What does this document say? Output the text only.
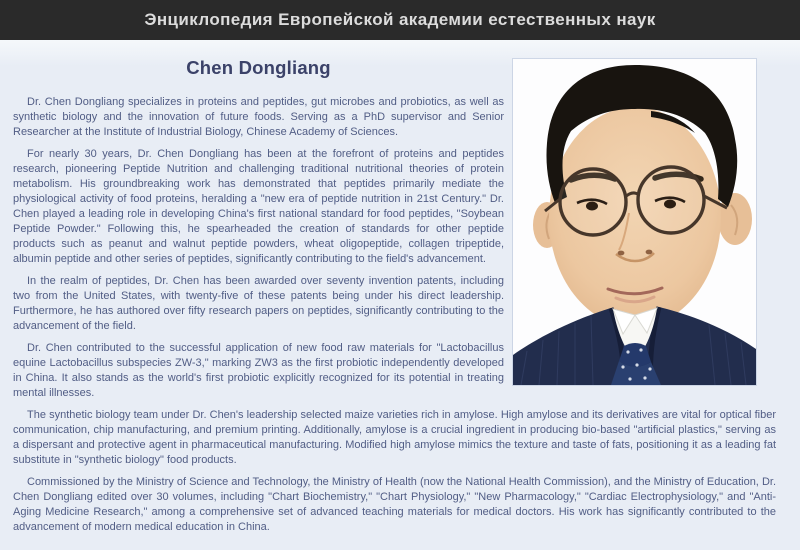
Энциклопедия Европейской академии естественных наук
Chen Dongliang

Dr. Chen Dongliang specializes in proteins and peptides, gut microbes and probiotics, as well as synthetic biology and the innovation of future foods. Serving as a PhD supervisor and Senior Researcher at the Institute of Industrial Biology, Chinese Academy of Sciences.

For nearly 30 years, Dr. Chen Dongliang has been at the forefront of proteins and peptides research, pioneering Peptide Nutrition and challenging traditional nutritional theories of protein metabolism. His groundbreaking work has demonstrated that peptides primarily mediate the physiological activity of food proteins, heralding a "new era of peptide nutrition in 21st Century." Dr. Chen played a leading role in developing China's first national standard for food peptides, "Soybean Peptide Powder." Following this, he spearheaded the creation of standards for other peptide products such as peanut and walnut peptide powders, wheat oligopeptide, collagen tripeptide, albumin peptide and other series of peptides, significantly contributing to the field's advancement.

In the realm of peptides, Dr. Chen has been awarded over seventy invention patents, including two from the United States, with twenty-five of these patents being under his direct leadership. Furthermore, he has authored over fifty research papers on peptides, significantly contributing to the advancement of the field.

Dr. Chen contributed to the successful application of new food raw materials for "Lactobacillus equine Lactobacillus subspecies ZW-3," marking ZW3 as the first probiotic independently developed in China. It also stands as the world's first probiotic explicitly recognized for its potential in treating mental illnesses.

The synthetic biology team under Dr. Chen's leadership selected maize varieties rich in amylose. High amylose and its derivatives are vital for optical fiber communication, chip manufacturing, and premium printing. Additionally, amylose is a crucial ingredient in producing bio-based "artificial plastics," serving as a dispersant and protective agent in pharmaceutical manufacturing. Modified high amylose mimics the texture and taste of fats, positioning it as a leading fat substitute in "synthetic biology" food products.

Commissioned by the Ministry of Science and Technology, the Ministry of Health (now the National Health Commission), and the Ministry of Education, Dr. Chen Dongliang edited over 30 volumes, including "Chart Biochemistry," "Chart Physiology," "New Pharmacology," "Cardiac Electrophysiology," and "Anti-Aging Medicine Research," among a comprehensive set of advanced teaching materials for medical doctors. His work has significantly contributed to the advancement of modern medical education in China.
